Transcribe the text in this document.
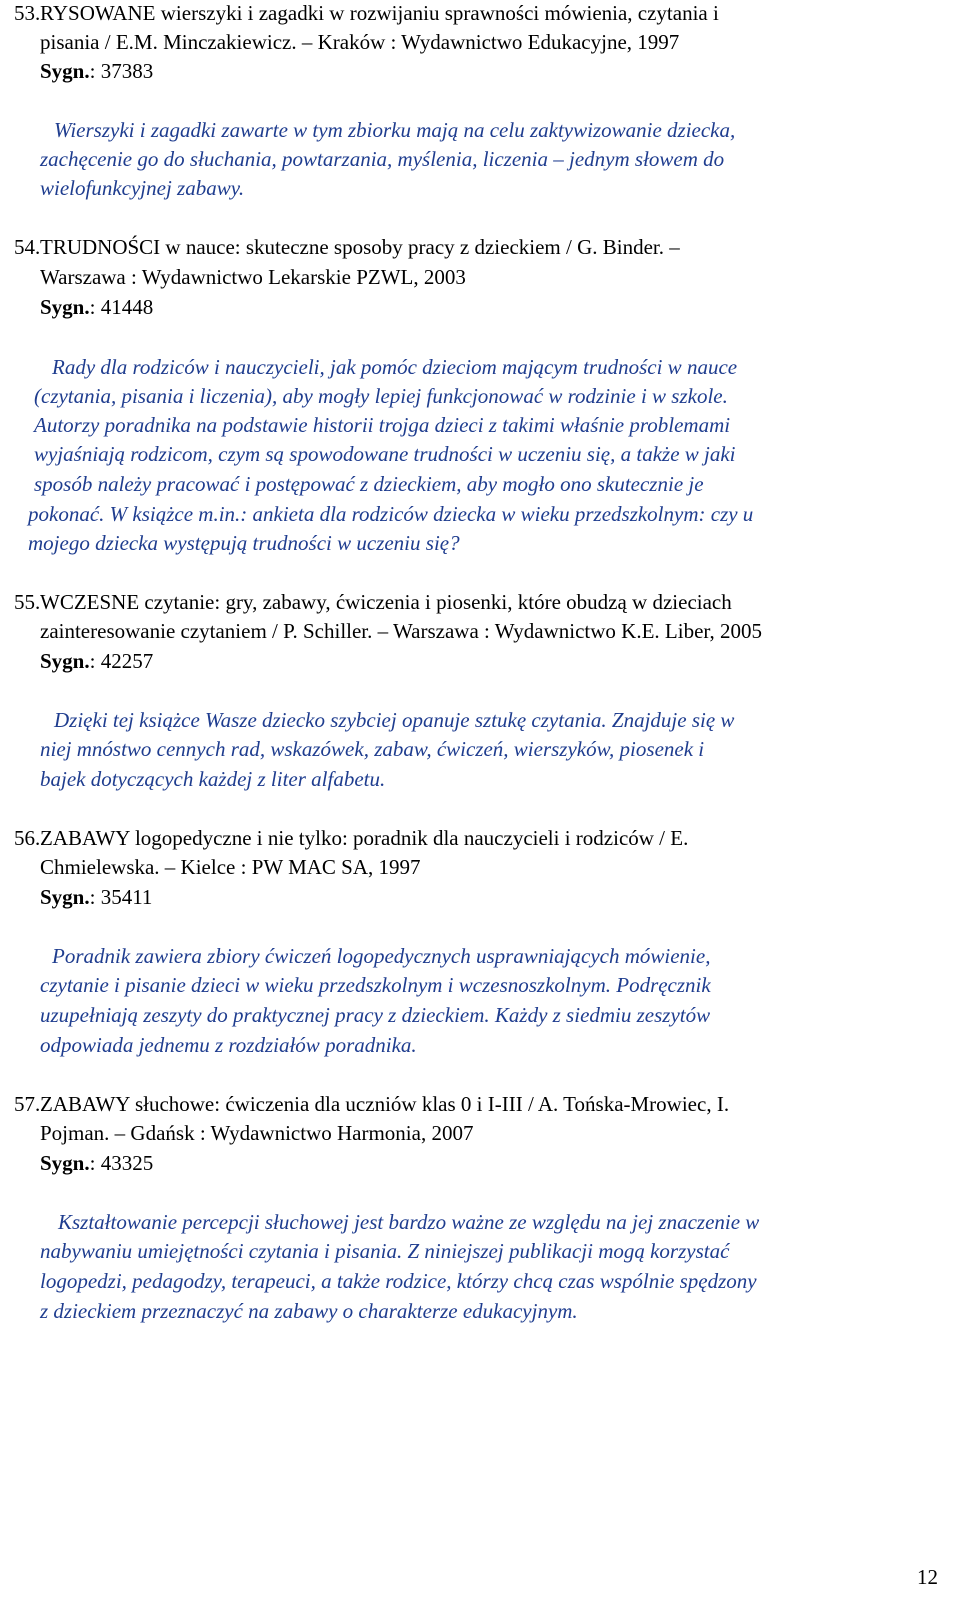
53. RYSOWANE wierszyki i zagadki w rozwijaniu sprawności mówienia, czytania i
pisania / E.M. Minczakiewicz. – Kraków : Wydawnictwo Edukacyjne, 1997
Sygn.: 37383
Wierszyki i zagadki zawarte w tym zbiorku mają na celu zaktywizowanie dziecka,
zachęcenie go do słuchania, powtarzania, myślenia, liczenia – jednym słowem do
wielofunkcyjnej zabawy.
54. TRUDNOŚCI w nauce: skuteczne sposoby pracy z dzieckiem / G. Binder. –
Warszawa : Wydawnictwo Lekarskie PZWL, 2003
Sygn.: 41448
Rady dla rodziców i nauczycieli, jak pomóc dzieciom mającym trudności w nauce
(czytania, pisania i liczenia), aby mogły lepiej funkcjonować w rodzinie i w szkole.
Autorzy poradnika na podstawie historii trojga dzieci z takimi właśnie problemami
wyjaśniają rodzicom, czym są spowodowane trudności w uczeniu się, a także w jaki
sposób należy pracować i postępować z dzieckiem, aby mogło ono skutecznie je
pokonać. W książce m.in.: ankieta dla rodziców dziecka w wieku przedszkolnym: czy u
mojego dziecka występują trudności w uczeniu się?
55. WCZESNE czytanie: gry, zabawy, ćwiczenia i piosenki, które obudzą w dzieciach
zainteresowanie czytaniem / P. Schiller. – Warszawa : Wydawnictwo K.E. Liber, 2005
Sygn.: 42257
Dzięki tej książce Wasze dziecko szybciej opanuje sztukę czytania. Znajduje się w
niej mnóstwo cennych rad, wskazówek, zabaw, ćwiczeń, wierszyków, piosenek i
bajek dotyczących każdej z liter alfabetu.
56. ZABAWY logopedyczne i nie tylko: poradnik dla nauczycieli i rodziców / E.
Chmielewska. – Kielce : PW MAC SA, 1997
Sygn.: 35411
Poradnik zawiera zbiory ćwiczeń logopedycznych usprawniających mówienie,
czytanie i pisanie dzieci w wieku przedszkolnym i wczesnoszkolnym. Podręcznik
uzupełniają zeszyty do praktycznej pracy z dzieckiem. Każdy z siedmiu zeszytów
odpowiada jednemu z rozdziałów poradnika.
57. ZABAWY słuchowe: ćwiczenia dla uczniów klas 0 i I-III / A. Tońska-Mrowiec, I.
Pojman. – Gdańsk : Wydawnictwo Harmonia, 2007
Sygn.: 43325
Kształtowanie percepcji słuchowej jest bardzo ważne ze względu na jej znaczenie w
nabywaniu umiejętności czytania i pisania. Z niniejszej publikacji mogą korzystać
logopedzi, pedagodzy, terapeuci, a także rodzice, którzy chcą czas wspólnie spędzony
z dzieckiem przeznaczyć na zabawy o charakterze edukacyjnym.
12
